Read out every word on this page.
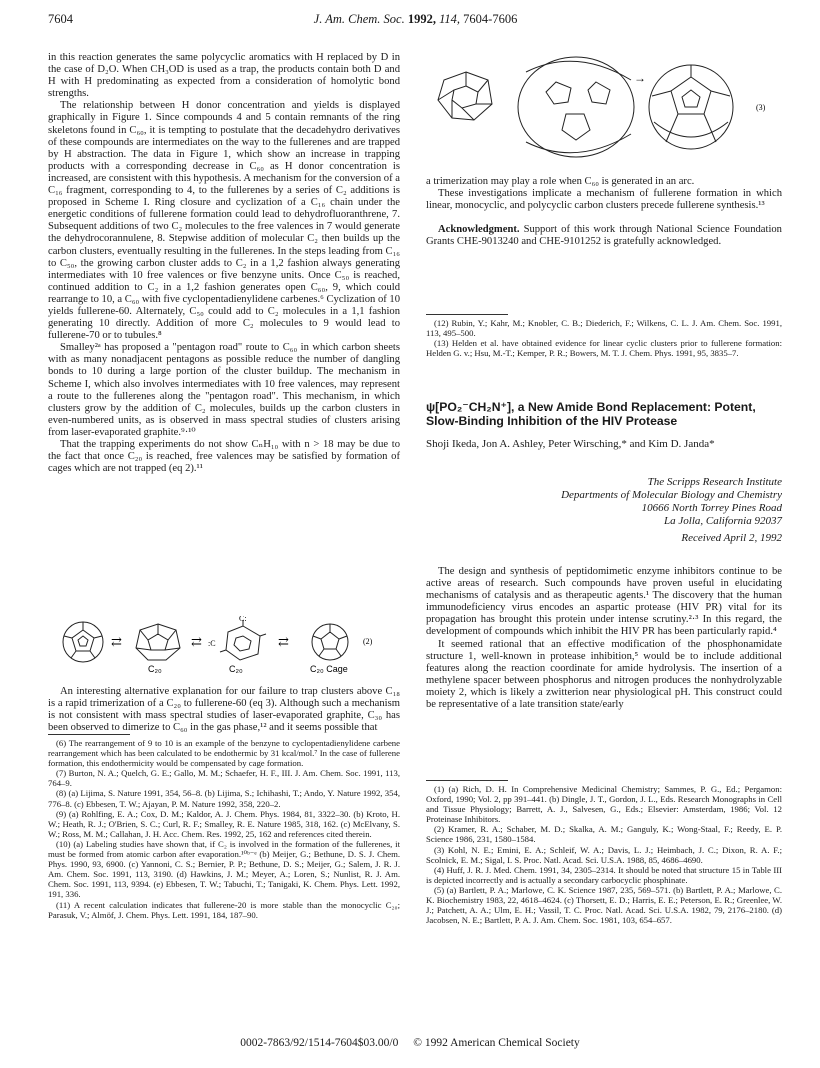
7604	J. Am. Chem. Soc. 1992, 114, 7604-7606

in this reaction generates the same polycyclic aromatics with H replaced by D in the case of D₂O. When CH₃OD is used as a trap, the products contain both D and H with H predominating as expected from a consideration of homolytic bond strengths.

The relationship between H donor concentration and yields is displayed graphically in Figure 1. Since compounds 4 and 5 contain remnants of the ring skeletons found in C₆₀, it is tempting to postulate that the decadehydro derivatives of these compounds are intermediates on the way to the fullerenes and are trapped by H abstraction. The data in Figure 1, which show an increase in trapping products with a corresponding decrease in C₆₀ as H donor concentration is increased, are consistent with this hypothesis. A mechanism for the conversion of a C₁₆ fragment, corresponding to 4, to the fullerenes by a series of C₂ additions is proposed in Scheme I. Ring closure and cyclization of a C₁₆ chain under the energetic conditions of fullerene formation could lead to dehydrofluoranthrene, 7. Subsequent additions of two C₂ molecules to the free valences in 7 would generate the dehydrocorannulene, 8. Stepwise addition of molecular C₂ then builds up the carbon clusters, eventually resulting in the fullerenes. In the steps leading from C₁₆ to C₅₀, the growing carbon cluster adds to C₂ in a 1,2 fashion always generating intermediates with 10 free valences or five benzyne units. Once C₅₀ is reached, continued addition to C₂ in a 1,2 fashion generates open C₆₀, 9, which could rearrange to 10, a C₆₀ with five cyclopentadienylidene carbenes.⁶ Cyclization of 10 yields fullerene-60. Alternately, C₅₀ could add to C₂ molecules in a 1,1 fashion generating 10 directly. Addition of more C₂ molecules to 9 would lead to fullerene-70 or to tubules.⁸

Smalley²ᵃ has proposed a "pentagon road" route to C₆₀ in which carbon sheets with as many nonadjacent pentagons as possible reduce the number of dangling bonds to 10 during a large portion of the cluster buildup. The mechanism in Scheme I, which also involves intermediates with 10 free valences, may represent a route to the fullerenes along the "pentagon road". This mechanism, in which clusters grow by the addition of C₂ molecules, builds up the carbon clusters in even-numbered units, as is observed in mass spectral studies of clusters arising from laser-evaporated graphite.⁹·¹⁰

That the trapping experiments do not show CₙH₁₀ with n > 18 may be due to the fact that once C₂₀ is reached, free valences may be satisfied by formation of cages which are not trapped (eq 2).¹¹

⇄
C₂₀
⇄
C:
:C
C₂₀
⇄
C₂₀ Cage
(2)

An interesting alternative explanation for our failure to trap clusters above C₁₈ is a rapid trimerization of a C₂₀ to fullerene-60 (eq 3). Although such a mechanism is not consistent with mass spectral studies of laser-evaporated graphite, C₃₀ has been observed to dimerize to C₆₀ in the gas phase,¹² and it seems possible that

(6) The rearrangement of 9 to 10 is an example of the benzyne to cyclopentadienylidene carbene rearrangement which has been calculated to be endothermic by 31 kcal/mol.⁷ In the case of fullerene formation, this endothermicity would be compensated by cage formation.

(7) Burton, N. A.; Quelch, G. E.; Gallo, M. M.; Schaefer, H. F., III. J. Am. Chem. Soc. 1991, 113, 764–9.

(8) (a) Lijima, S. Nature 1991, 354, 56–8. (b) Lijima, S.; Ichihashi, T.; Ando, Y. Nature 1992, 354, 776–8. (c) Ebbesen, T. W.; Ajayan, P. M. Nature 1992, 358, 220–2.

(9) (a) Rohlfing, E. A.; Cox, D. M.; Kaldor, A. J. Chem. Phys. 1984, 81, 3322–30. (b) Kroto, H. W.; Heath, R. J.; O'Brien, S. C.; Curl, R. F.; Smalley, R. E. Nature 1985, 318, 162. (c) McElvany, S. W.; Ross, M. M.; Callahan, J. H. Acc. Chem. Res. 1992, 25, 162 and references cited therein.

(10) (a) Labeling studies have shown that, if C₂ is involved in the formation of the fullerenes, it must be formed from atomic carbon after evaporation.¹⁰ᵇ⁻ᵉ (b) Meijer, G.; Bethune, D. S. J. Chem. Phys. 1990, 93, 6900. (c) Yannoni, C. S.; Bernier, P. P.; Bethune, D. S.; Meijer, G.; Salem, J. R. J. Am. Chem. Soc. 1991, 113, 3190. (d) Hawkins, J. M.; Meyer, A.; Loren, S.; Nunlist, R. J. Am. Chem. Soc. 1991, 113, 9394. (e) Ebbesen, T. W.; Tabuchi, T.; Tanigaki, K. Chem. Phys. Lett. 1992, 191, 336.

(11) A recent calculation indicates that fullerene-20 is more stable than the monocyclic C₂₀; Parasuk, V.; Almöf, J. Chem. Phys. Lett. 1991, 184, 187–90.

→
(3)

a trimerization may play a role when C₆₀ is generated in an arc.

These investigations implicate a mechanism of fullerene formation in which linear, monocyclic, and polycyclic carbon clusters precede fullerene synthesis.¹³

Acknowledgment. Support of this work through National Science Foundation Grants CHE-9013240 and CHE-9101252 is gratefully acknowledged.

(12) Rubin, Y.; Kahr, M.; Knobler, C. B.; Diederich, F.; Wilkens, C. L. J. Am. Chem. Soc. 1991, 113, 495–500.

(13) Helden et al. have obtained evidence for linear cyclic clusters prior to fullerene formation: Helden G. v.; Hsu, M.-T.; Kemper, P. R.; Bowers, M. T. J. Chem. Phys. 1991, 95, 3835–7.

ψ[PO₂⁻CH₂N⁺], a New Amide Bond Replacement: Potent, Slow-Binding Inhibition of the HIV Protease
Shoji Ikeda, Jon A. Ashley, Peter Wirsching,* and Kim D. Janda*
The Scripps Research Institute
Departments of Molecular Biology and Chemistry
10666 North Torrey Pines Road
La Jolla, California 92037
Received April 2, 1992

The design and synthesis of peptidomimetic enzyme inhibitors continue to be active areas of research. Such compounds have proven useful in elucidating mechanisms of catalysis and as therapeutic agents.¹ The discovery that the human immunodeficiency virus encodes an aspartic protease (HIV PR) vital for its propagation has brought this protein under intense scrutiny.²·³ In this regard, the development of compounds which inhibit the HIV PR has been particularly rapid.⁴

It seemed rational that an effective modification of the phosphonamidate structure 1, well-known in protease inhibition,⁵ would be to include additional features along the reaction coordinate for amide hydrolysis. The insertion of a methylene spacer between phosphorus and nitrogen produces the nonhydrolyzable moiety 2, which is likely a zwitterion near physiological pH. This construct could be representative of a late transition state/early

(1) (a) Rich, D. H. In Comprehensive Medicinal Chemistry; Sammes, P. G., Ed.; Pergamon: Oxford, 1990; Vol. 2, pp 391–441. (b) Dingle, J. T., Gordon, J. L., Eds. Research Monographs in Cell and Tissue Physiology; Barrett, A. J., Salvesen, G., Eds.; Elsevier: Amsterdam, 1986; Vol. 12 Proteinase Inhibitors.

(2) Kramer, R. A.; Schaber, M. D.; Skalka, A. M.; Ganguly, K.; Wong-Staal, F.; Reedy, E. P. Science 1986, 231, 1580–1584.

(3) Kohl, N. E.; Emini, E. A.; Schleif, W. A.; Davis, L. J.; Heimbach, J. C.; Dixon, R. A. F.; Scolnick, E. M.; Sigal, I. S. Proc. Natl. Acad. Sci. U.S.A. 1988, 85, 4686–4690.

(4) Huff, J. R. J. Med. Chem. 1991, 34, 2305–2314. It should be noted that structure 15 in Table III is depicted incorrectly and is actually a secondary carbocyclic phosphinate.

(5) (a) Bartlett, P. A.; Marlowe, C. K. Science 1987, 235, 569–571. (b) Bartlett, P. A.; Marlowe, C. K. Biochemistry 1983, 22, 4618–4624. (c) Thorsett, E. D.; Harris, E. E.; Peterson, E. R.; Greenlee, W. J.; Patchett, A. A.; Ulm, E. H.; Vassil, T. C. Proc. Natl. Acad. Sci. U.S.A. 1982, 79, 2176–2180. (d) Jacobsen, N. E.; Bartlett, P. A. J. Am. Chem. Soc. 1981, 103, 654–657.

0002-7863/92/1514-7604$03.00/0 © 1992 American Chemical Society
